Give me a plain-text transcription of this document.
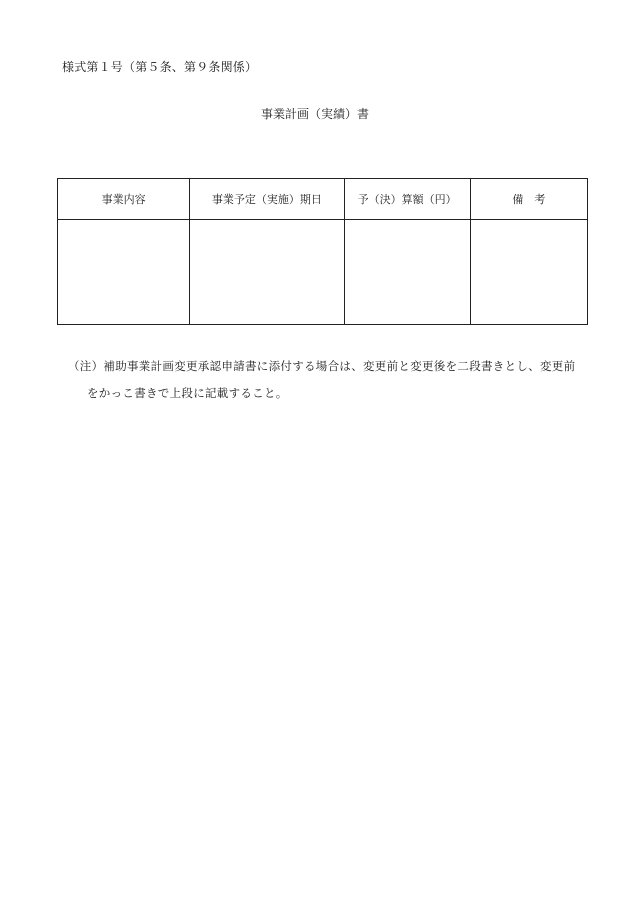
様式第１号（第５条、第９条関係）
事業計画（実績）書
事業内容	事業予定（実施）期日	予（決）算額（円）	備　考

（注）補助事業計画変更承認申請書に添付する場合は、変更前と変更後を二段書きとし、変更前
をかっこ書きで上段に記載すること。
